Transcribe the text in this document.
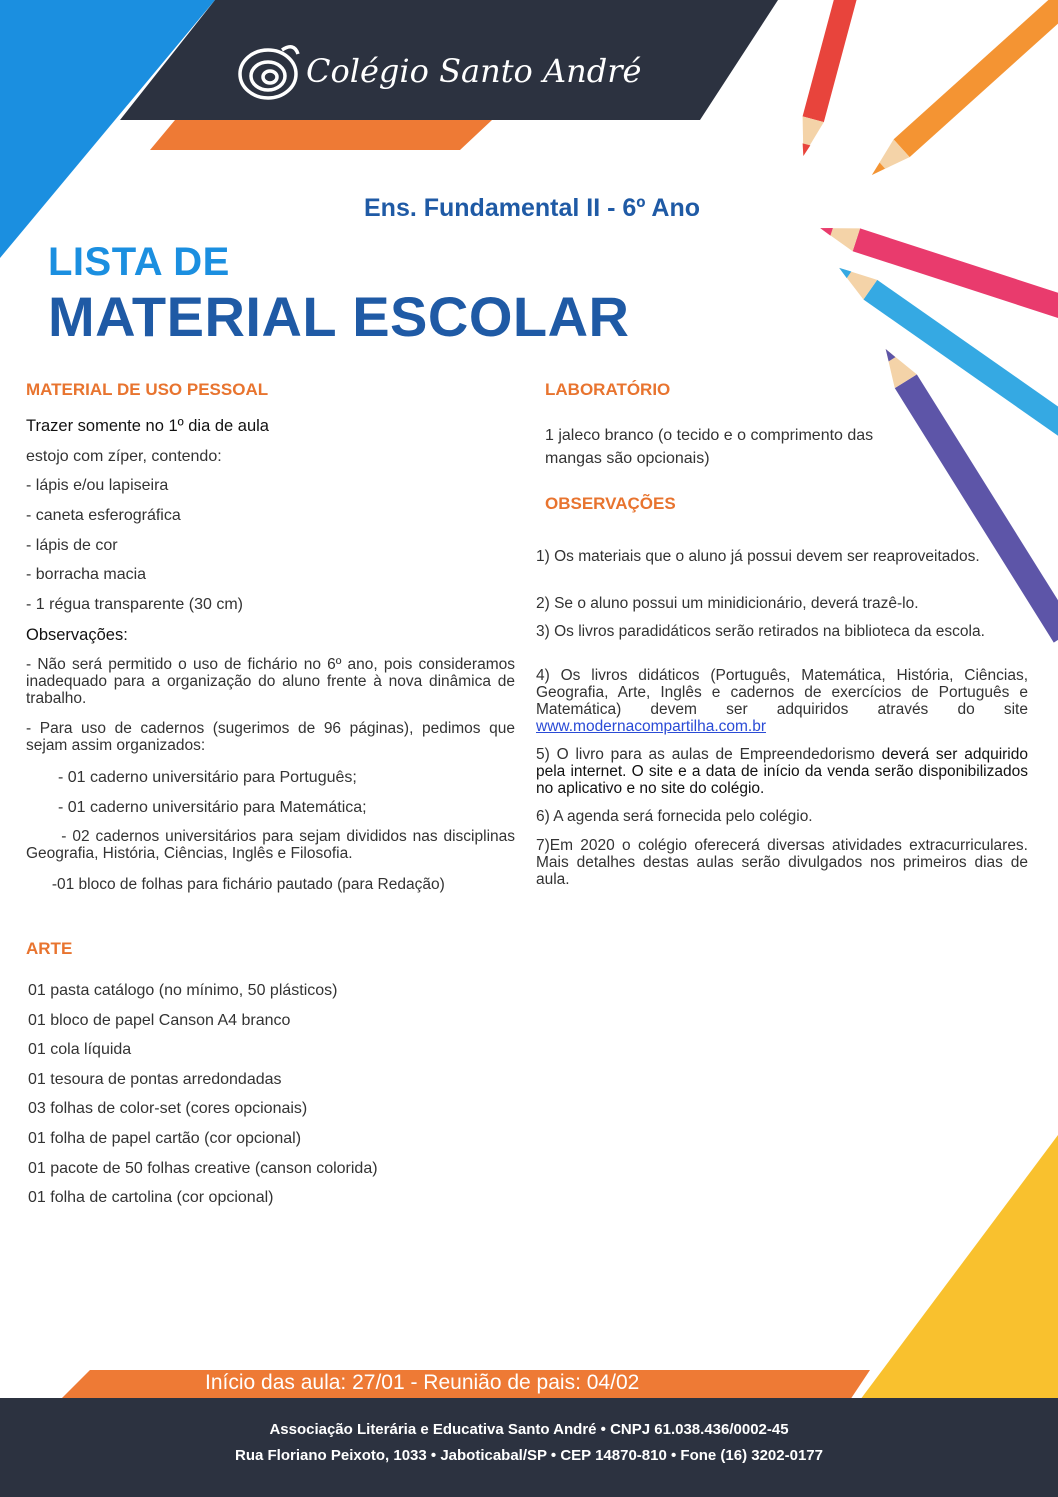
Colégio Santo André
Ens. Fundamental II - 6º Ano
LISTA DE
MATERIAL ESCOLAR
MATERIAL DE USO PESSOAL
Trazer somente no 1º dia de aula
estojo com zíper, contendo:
- lápis e/ou lapiseira
- caneta esferográfica
- lápis de cor
- borracha macia
- 1 régua transparente (30 cm)
Observações:
- Não será permitido o uso de fichário no 6º ano, pois consideramos inadequado para a organização do aluno frente à nova dinâmica de trabalho.
- Para uso de cadernos (sugerimos de 96 páginas), pedimos que sejam assim organizados:
- 01 caderno universitário para Português;
- 01 caderno universitário para Matemática;
- 02 cadernos universitários para sejam divididos nas disciplinas Geografia, História, Ciências, Inglês e Filosofia.
-01 bloco de folhas para fichário pautado (para Redação)
ARTE
01 pasta catálogo (no mínimo, 50 plásticos)
01 bloco de papel Canson A4 branco
01 cola líquida
01 tesoura de pontas arredondadas
03 folhas de color-set (cores opcionais)
01 folha de papel cartão (cor opcional)
01 pacote de 50 folhas creative (canson colorida)
01 folha de cartolina (cor opcional)
LABORATÓRIO
1 jaleco branco (o tecido e o comprimento das
mangas são opcionais)
OBSERVAÇÕES
1) Os materiais que o aluno já possui devem ser reaproveitados.
2) Se o aluno possui um minidicionário, deverá trazê-lo.
3) Os livros paradidáticos serão retirados na biblioteca da escola.
4) Os livros didáticos (Português, Matemática, História, Ciências, Geografia, Arte, Inglês e cadernos de exercícios de Português e Matemática) devem ser adquiridos através do site www.modernacompartilha.com.br
5) O livro para as aulas de Empreendedorismo deverá ser adquirido pela internet. O site e a data de início da venda serão disponibilizados no aplicativo e no site do colégio.
6) A agenda será fornecida pelo colégio.
7)Em 2020 o colégio oferecerá diversas atividades extracurriculares. Mais detalhes destas aulas serão divulgados nos primeiros dias de aula.
Início das aula: 27/01 - Reunião de pais: 04/02
Associação Literária e Educativa Santo André • CNPJ 61.038.436/0002-45
Rua Floriano Peixoto, 1033 • Jaboticabal/SP • CEP 14870-810 • Fone (16) 3202-0177
